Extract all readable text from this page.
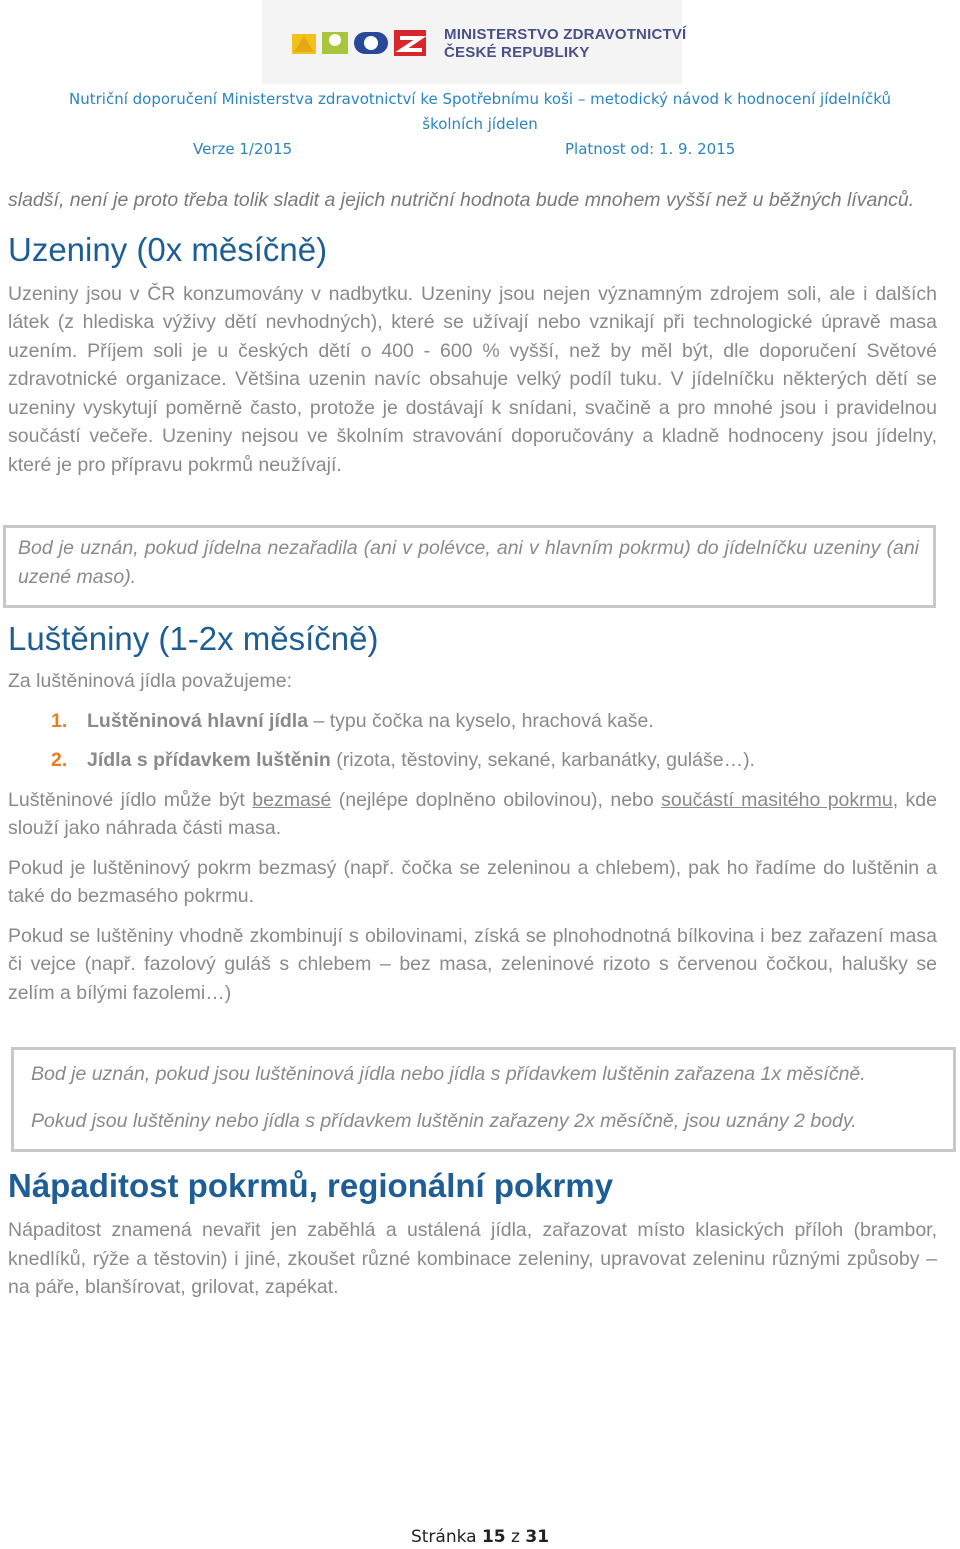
MINISTERSTVO ZDRAVOTNICTVÍ
ČESKÉ REPUBLIKY
Nutriční doporučení Ministerstva zdravotnictví ke Spotřebnímu koši – metodický návod k hodnocení jídelníčků
školních jídelen
Verze 1/2015	Platnost od: 1. 9. 2015

sladší, není je proto třeba tolik sladit a jejich nutriční hodnota bude mnohem vyšší než u běžných lívanců.

Uzeniny (0x měsíčně)

Uzeniny jsou v ČR konzumovány v nadbytku. Uzeniny jsou nejen významným zdrojem soli, ale i dalších látek (z hlediska výživy dětí nevhodných), které se užívají nebo vznikají při technologické úpravě masa uzením. Příjem soli je u českých dětí o 400 - 600 % vyšší, než by měl být, dle doporučení Světové zdravotnické organizace. Většina uzenin navíc obsahuje velký podíl tuku. V jídelníčku některých dětí se uzeniny vyskytují poměrně často, protože je dostávají k snídani, svačině a pro mnohé jsou i pravidelnou součástí večeře. Uzeniny nejsou ve školním stravování doporučovány a kladně hodnoceny jsou jídelny, které je pro přípravu pokrmů neužívají.

Bod je uznán, pokud jídelna nezařadila (ani v polévce, ani v hlavním pokrmu) do jídelníčku uzeniny (ani uzené maso).

Luštěniny (1-2x měsíčně)

Za luštěninová jídla považujeme:

1. Luštěninová hlavní jídla – typu čočka na kyselo, hrachová kaše.
2. Jídla s přídavkem luštěnin (rizota, těstoviny, sekané, karbanátky, guláše…).

Luštěninové jídlo může být bezmasé (nejlépe doplněno obilovinou), nebo součástí masitého pokrmu, kde slouží jako náhrada části masa.

Pokud je luštěninový pokrm bezmasý (např. čočka se zeleninou a chlebem), pak ho řadíme do luštěnin a také do bezmasého pokrmu.

Pokud se luštěniny vhodně zkombinují s obilovinami, získá se plnohodnotná bílkovina i bez zařazení masa či vejce (např. fazolový guláš s chlebem – bez masa, zeleninové rizoto s červenou čočkou, halušky se zelím a bílými fazolemi…)

Bod je uznán, pokud jsou luštěninová jídla nebo jídla s přídavkem luštěnin zařazena 1x měsíčně.

Pokud jsou luštěniny nebo jídla s přídavkem luštěnin zařazeny 2x měsíčně, jsou uznány 2 body.

Nápaditost pokrmů, regionální pokrmy

Nápaditost znamená nevařit jen zaběhlá a ustálená jídla, zařazovat místo klasických příloh (brambor, knedlíků, rýže a těstovin) i jiné, zkoušet různé kombinace zeleniny, upravovat zeleninu různými způsoby – na páře, blanšírovat, grilovat, zapékat.

Stránka 15 z 31
